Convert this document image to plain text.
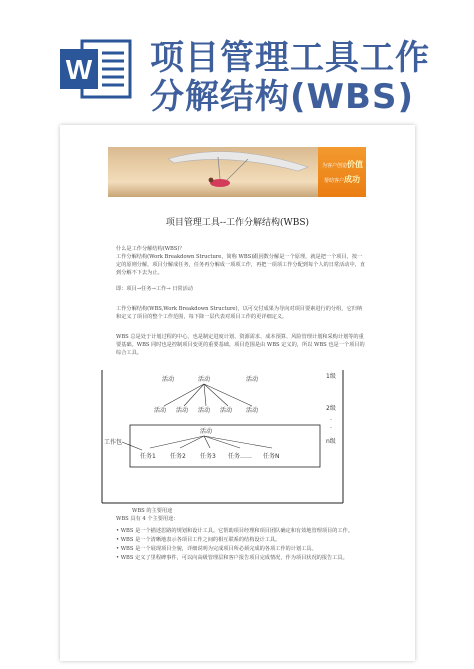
W 项目管理工具工作
分解结构(WBS)
为客户创造价值
帮助客户成功
项目管理工具--工作分解结构(WBS)
什么是工作分解结构(WBS)？
工作分解结构(Work Breakdown Structure，简称 WBS)跟因数分解是一个原理，就是把一个项目，按一定的原则分解，项目分解成任务，任务再分解成一项项工作，再把一项项工作分配到每个人的日常活动中，直到分解不下去为止。
即：项目→任务→工作→ 日常活动
工作分解结构(WBS,Work Breakdown Structure)，以可交付成果为导向对项目要素进行的分组，它归纳和定义了项目的整个工作范围，每下降一层代表对项目工作的更详细定义。
WBS 总是处于计划过程的中心，也是制定进度计划、资源需求、成本预算、风险管理计划和采购计划等的重要基础。WBS 同时也是控制项目变更的重要基础。项目范围是由 WBS 定义的，所以 WBS 也是一个项目的综合工具。
1级
2级
·
·
n级
活动	活动	活动
活动 活动 活动 活动 活动
活动
工作包
任务1 任务2 任务3 任务…… 任务N
WBS 的主要用途
WBS 具有 4 个主要用途：
• WBS 是一个描述思路的规划和设计工具。它帮助项目经理和项目团队确定和有效地管理项目的工作。
• WBS 是一个清晰地表示各项目工作之间的相互联系的结构设计工具。
• WBS 是一个展现项目全貌，详细说明为完成项目所必须完成的各项工作的计划工具。
• WBS 定义了里程碑事件，可以向高级管理层和客户报告项目完成情况，作为项目状况的报告工具。
